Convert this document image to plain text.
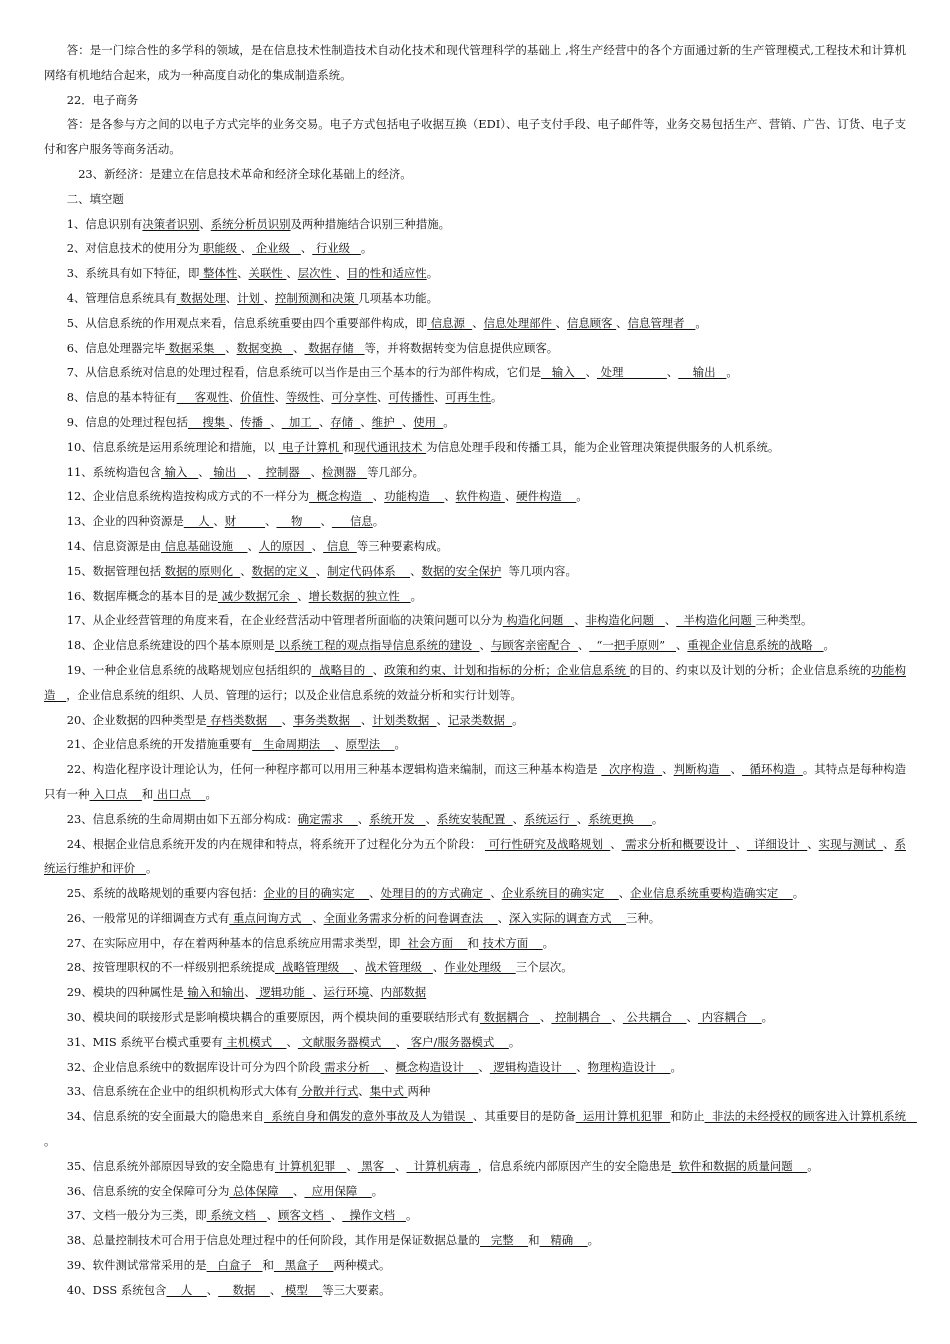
答：是一门综合性的多学科的领域，是在信息技术性制造技术自动化技术和现代管理科学的基础上 ,将生产经营中的各个方面通过新的生产管理模式,工程技术和计算机网络有机地结合起来，成为一种高度自动化的集成制造系统。

22．电子商务

答：是各参与方之间的以电子方式完毕的业务交易。电子方式包括电子收据互换（EDI）、电子支付手段、电子邮件等，业务交易包括生产、营销、广告、订货、电子支付和客户服务等商务活动。

23、新经济：是建立在信息技术革命和经济全球化基础上的经济。

二、填空题

1、信息识别有决策者识别、系统分析员识别及两种措施结合识别三种措施。

2、对信息技术的使用分为 职能级 、 企业级   、 行业级   。

3、系统具有如下特征，即 整体性、关联性 、层次性 、目的性和适应性。

4、管理信息系统具有 数据处理、计划 、控制预测和决策 几项基本功能。

5、从信息系统的作用观点来看，信息系统重要由四个重要部件构成，即 信息源  、信息处理部件 、信息顾客 、信息管理者   。

6、信息处理器完毕 数据采集   、数据变换   、 数据存储   等，并将数据转变为信息提供应顾客。

7、从信息系统对信息的处理过程看，信息系统可以当作是由三个基本的行为部件构成，它们是   输入   、 处理            、    输出   。

8、信息的基本特征有     客观性、价值性、等级性、可分享性、可传播性、可再生性。

9、信息的处理过程包括    搜集 、传播  、  加工  、存储  、维护  、使用  。

10、信息系统是运用系统理论和措施，以  电子计算机 和现代通讯技术 为信息处理手段和传播工具，能为企业管理决策提供服务的人机系统。

11、系统构造包含 输入   、 输出   、  控制器   、检测器   等几部分。

12、企业信息系统构造按构成方式的不一样分为  概念构造   、功能构造    、软件构造 、硬件构造    。

13、企业的四种资源是    人 、财        、    物     、     信息。

14、信息资源是由 信息基础设施    、人的原因  、 信息  等三种要素构成。

15、数据管理包括 数据的原则化  、数据的定义  、制定代码体系    、数据的安全保护  等几项内容。

16、数据库概念的基本目的是 减少数据冗余  、增长数据的独立性   。

17、从企业经营管理的角度来看，在企业经营活动中管理者所面临的决策问题可以分为 构造化问题   、非构造化问题   、  半构造化问题 三种类型。

18、企业信息系统建设的四个基本原则是 以系统工程的观点指导信息系统的建设  、与顾客亲密配合  、  “一把手原则”   、重视企业信息系统的战略   。

19、一种企业信息系统的战略规划应包括组织的  战略目的  、政策和约束、计划和指标的分析；企业信息系统 的目的、约束以及计划的分析；企业信息系统的功能构造   ，企业信息系统的组织、人员、管理的运行；以及企业信息系统的效益分析和实行计划等。

20、企业数据的四种类型是 存档类数据    、事务类数据   、计划类数据  、记录类数据  。

21、企业信息系统的开发措施重要有   生命周期法    、原型法    。

22、构造化程序设计理论认为，任何一种程序都可以用用三种基本逻辑构造来编制，而这三种基本构造是   次序构造  、判断构造   、  循环构造  。其特点是每种构造只有一种 入口点    和 出口点    。

23、信息系统的生命周期由如下五部分构成：确定需求    、系统开发   、系统安装配置  、系统运行  、系统更换     。

24、根据企业信息系统开发的内在规律和特点，将系统开了过程化分为五个阶段：  可行性研究及战略规划  、 需求分析和概要设计  、  详细设计  、实现与测试  、系统运行维护和评价   。

25、系统的战略规划的重要内容包括：企业的目的确实定    、处理目的的方式确定  、企业系统目的确实定    、企业信息系统重要构造确实定    。

26、一般常见的详细调查方式有 重点问询方式   、全面业务需求分析的问卷调查法    、深入实际的调查方式    三种。

27、在实际应用中，存在着两种基本的信息系统应用需求类型，即  社会方面    和 技术方面    。

28、按管理职权的不一样级别把系统提成  战略管理级    、战术管理级   、作业处理级    三个层次。

29、模块的四种属性是 输入和输出、 逻辑功能  、运行环境、内部数据

30、模块间的联接形式是影响模块耦合的重要原因，两个模块间的重要联结形式有 数据耦合   、 控制耦合   、 公共耦合    、 内容耦合    。

31、MIS 系统平台模式重要有 主机模式    、 文献服务器模式    、 客户/服务器模式    。

32、企业信息系统中的数据库设计可分为四个阶段 需求分析    、概念构造设计    、 逻辑构造设计    、物理构造设计    。

33、信息系统在企业中的组织机构形式大体有 分散并行式、集中式 两种

34、信息系统的安全面最大的隐患来自  系统自身和偶发的意外事故及人为错误  、其重要目的是防备  运用计算机犯罪  和防止  非法的未经授权的顾客进入计算机系统   。

35、信息系统外部原因导致的安全隐患有 计算机犯罪   、 黑客   、  计算机病毒  ，信息系统内部原因产生的安全隐患是  软件和数据的质量问题    。

36、信息系统的安全保障可分为 总体保障    、  应用保障    。

37、文档一般分为三类，即 系统文档   、顾客文档  、  操作文档   。

38、总量控制技术可合用于信息处理过程中的任何阶段，其作用是保证数据总量的   完整    和   精确    。

39、软件测试常常采用的是   白盒子   和   黑盒子    两种模式。

40、DSS 系统包含    人    、    数据    、 模型    等三大要素。
